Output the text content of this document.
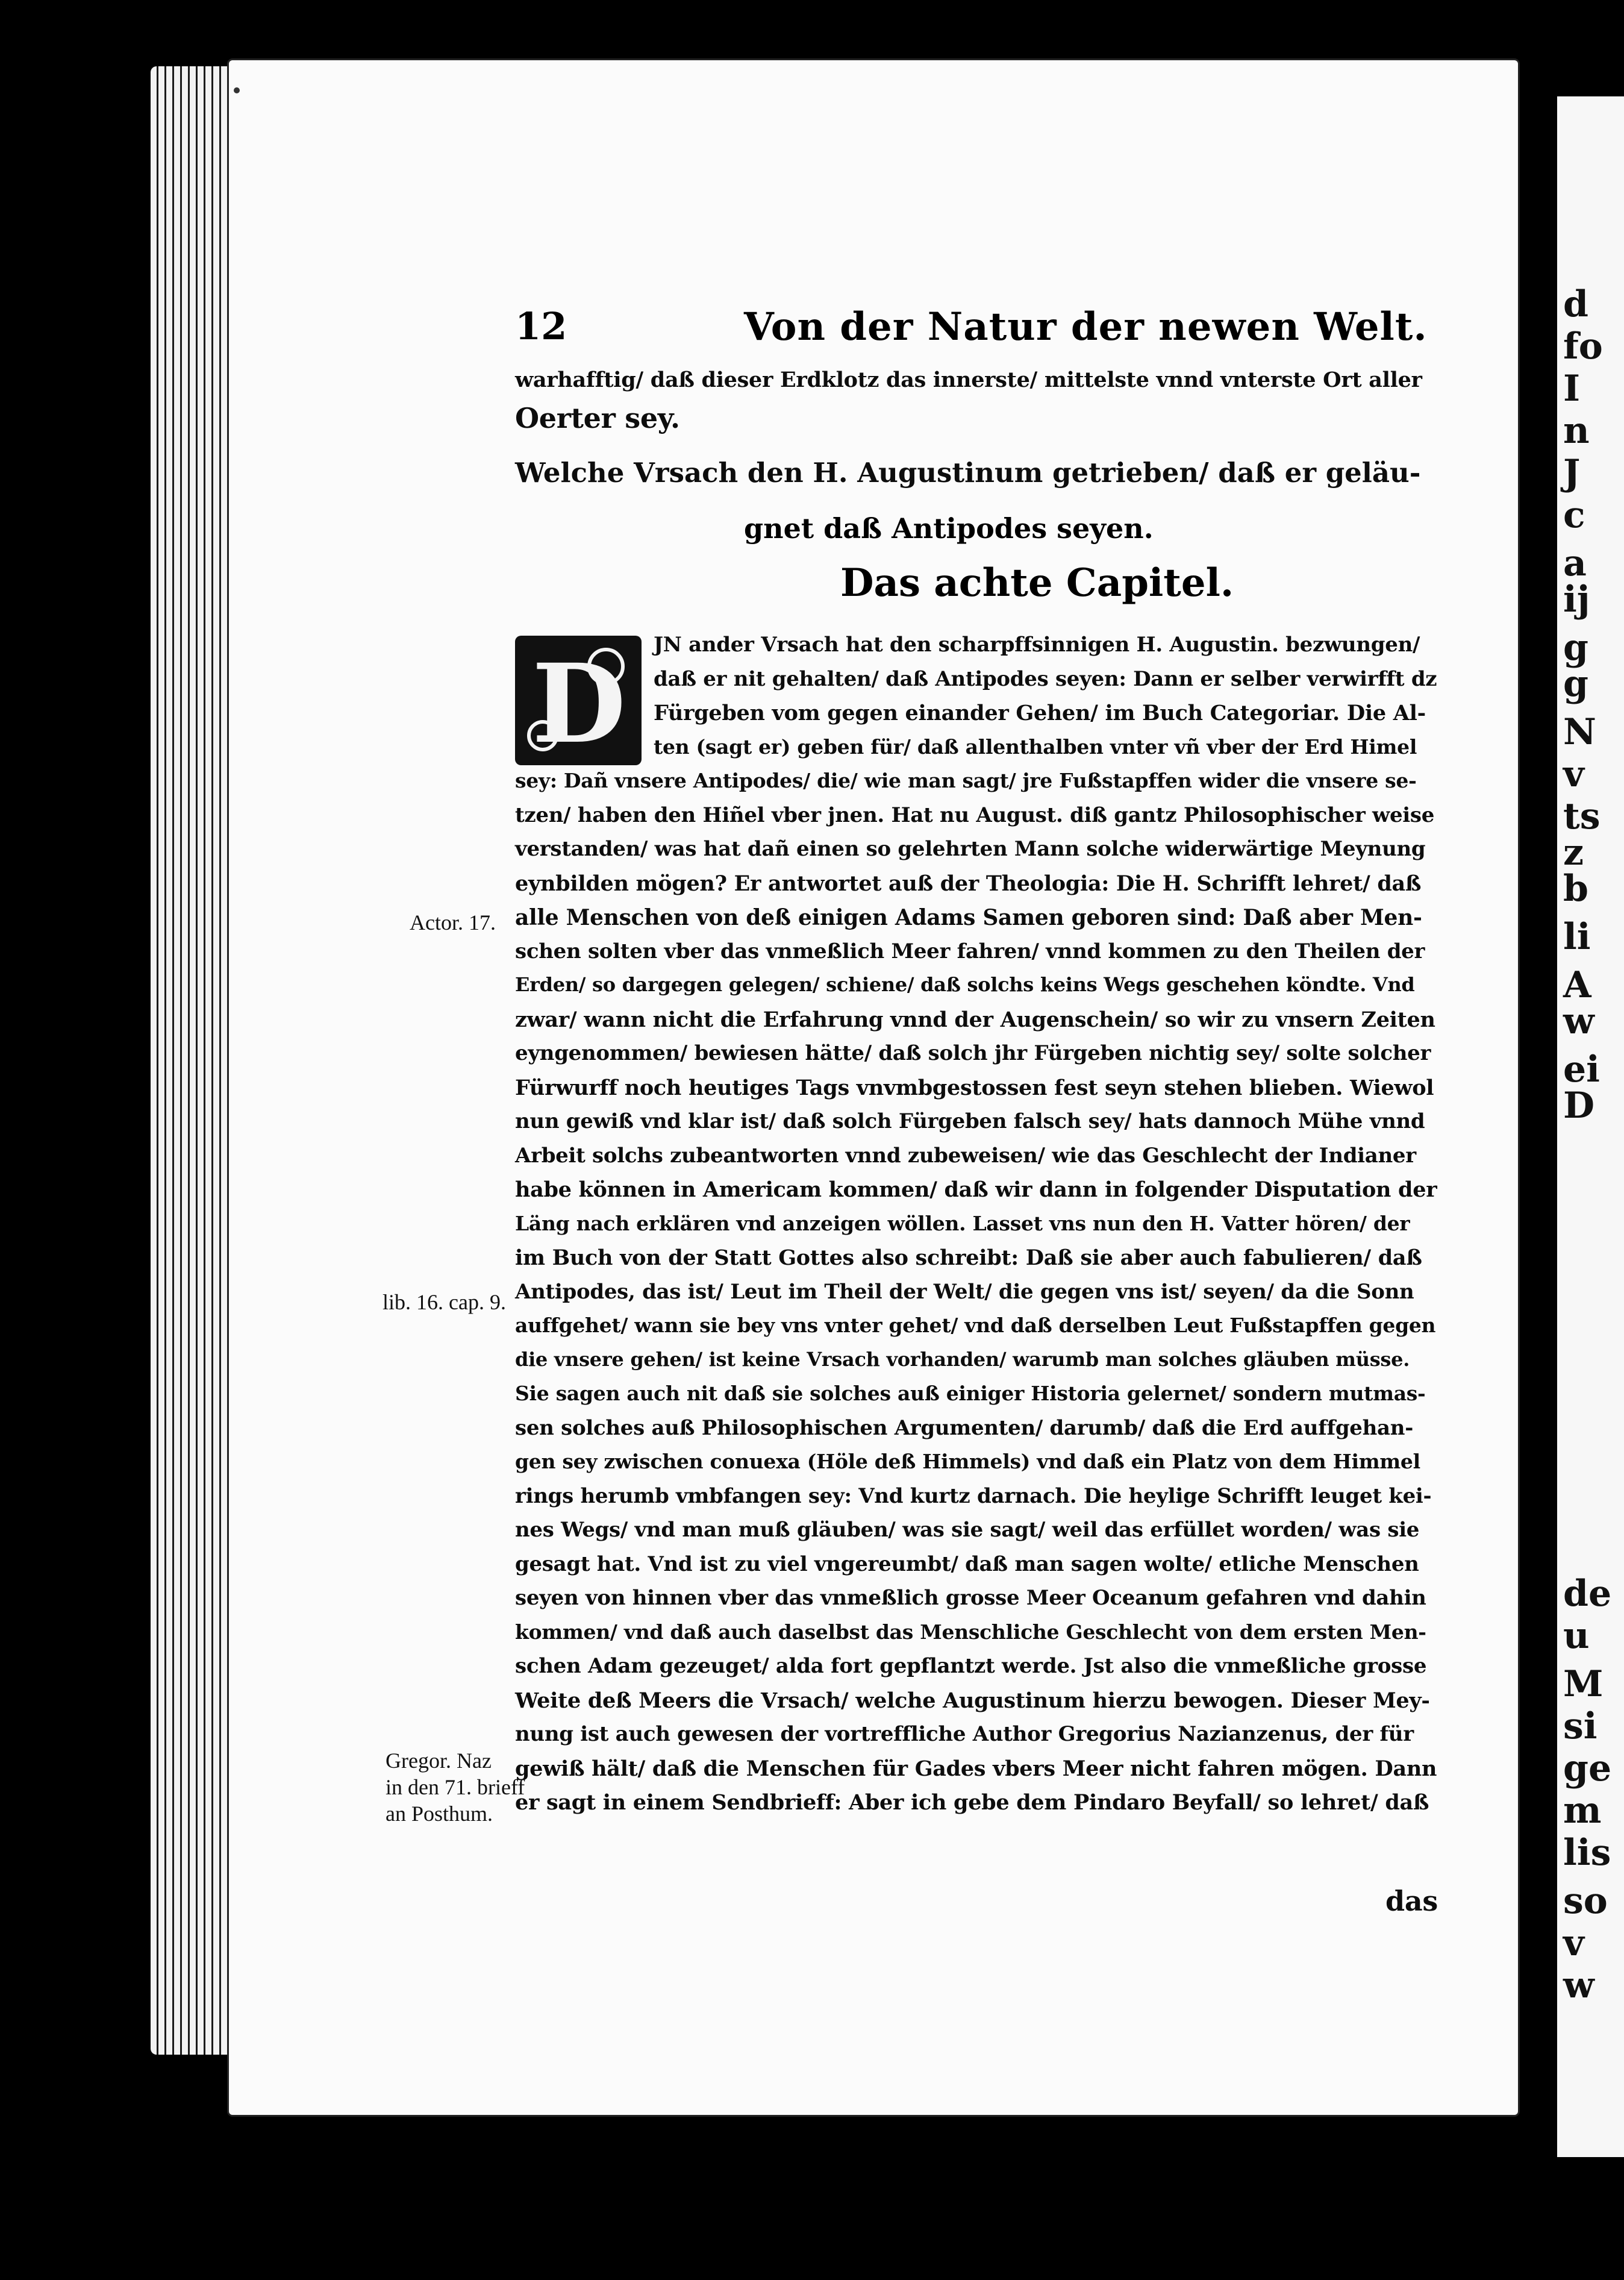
d
fo
I
n
J
c
a
ij
g
g
N
v
ts
z
b
li
A
w
ei
D
de
u
M
si
ge
m
lis
so
v
w
12	Von der Natur der newen Welt.
warhafftig/ daß dieser Erdklotz das innerste/ mittelste vnnd vnterste Ort aller
Oerter sey.
Welche Vrsach den H. Augustinum getrieben/ daß er geläu-
gnet daß Antipodes seyen.
Das achte Capitel.
D JN ander Vrsach hat den scharpffsinnigen H. Augustin. bezwungen/
daß er nit gehalten/ daß Antipodes seyen: Dann er selber verwirfft dz
Fürgeben vom gegen einander Gehen/ im Buch Categoriar. Die Al-
ten (sagt er) geben für/ daß allenthalben vnter vñ vber der Erd Himel
sey: Dañ vnsere Antipodes/ die/ wie man sagt/ jre Fußstapffen wider die vnsere se-
tzen/ haben den Hiñel vber jnen. Hat nu August. diß gantz Philosophischer weise
verstanden/ was hat dañ einen so gelehrten Mann solche widerwärtige Meynung
eynbilden mögen? Er antwortet auß der Theologia: Die H. Schrifft lehret/ daß
alle Menschen von deß einigen Adams Samen geboren sind: Daß aber Men-
schen solten vber das vnmeßlich Meer fahren/ vnnd kommen zu den Theilen der
Erden/ so dargegen gelegen/ schiene/ daß solchs keins Wegs geschehen köndte. Vnd
zwar/ wann nicht die Erfahrung vnnd der Augenschein/ so wir zu vnsern Zeiten
eyngenommen/ bewiesen hätte/ daß solch jhr Fürgeben nichtig sey/ solte solcher
Fürwurff noch heutiges Tags vnvmbgestossen fest seyn stehen blieben. Wiewol
nun gewiß vnd klar ist/ daß solch Fürgeben falsch sey/ hats dannoch Mühe vnnd
Arbeit solchs zubeantworten vnnd zubeweisen/ wie das Geschlecht der Indianer
habe können in Americam kommen/ daß wir dann in folgender Disputation der
Läng nach erklären vnd anzeigen wöllen. Lasset vns nun den H. Vatter hören/ der
im Buch von der Statt Gottes also schreibt: Daß sie aber auch fabulieren/ daß
Antipodes, das ist/ Leut im Theil der Welt/ die gegen vns ist/ seyen/ da die Sonn
auffgehet/ wann sie bey vns vnter gehet/ vnd daß derselben Leut Fußstapffen gegen
die vnsere gehen/ ist keine Vrsach vorhanden/ warumb man solches gläuben müsse.
Sie sagen auch nit daß sie solches auß einiger Historia gelernet/ sondern mutmas-
sen solches auß Philosophischen Argumenten/ darumb/ daß die Erd auffgehan-
gen sey zwischen conuexa (Höle deß Himmels) vnd daß ein Platz von dem Himmel
rings herumb vmbfangen sey: Vnd kurtz darnach. Die heylige Schrifft leuget kei-
nes Wegs/ vnd man muß gläuben/ was sie sagt/ weil das erfüllet worden/ was sie
gesagt hat. Vnd ist zu viel vngereumbt/ daß man sagen wolte/ etliche Menschen
seyen von hinnen vber das vnmeßlich grosse Meer Oceanum gefahren vnd dahin
kommen/ vnd daß auch daselbst das Menschliche Geschlecht von dem ersten Men-
schen Adam gezeuget/ alda fort gepflantzt werde. Jst also die vnmeßliche grosse
Weite deß Meers die Vrsach/ welche Augustinum hierzu bewogen. Dieser Mey-
nung ist auch gewesen der vortreffliche Author Gregorius Nazianzenus, der für
gewiß hält/ daß die Menschen für Gades vbers Meer nicht fahren mögen. Dann
er sagt in einem Sendbrieff: Aber ich gebe dem Pindaro Beyfall/ so lehret/ daß
das
Actor. 17.
lib. 16. cap. 9.
Gregor. Naz
in den 71. brieff
an Posthum.
